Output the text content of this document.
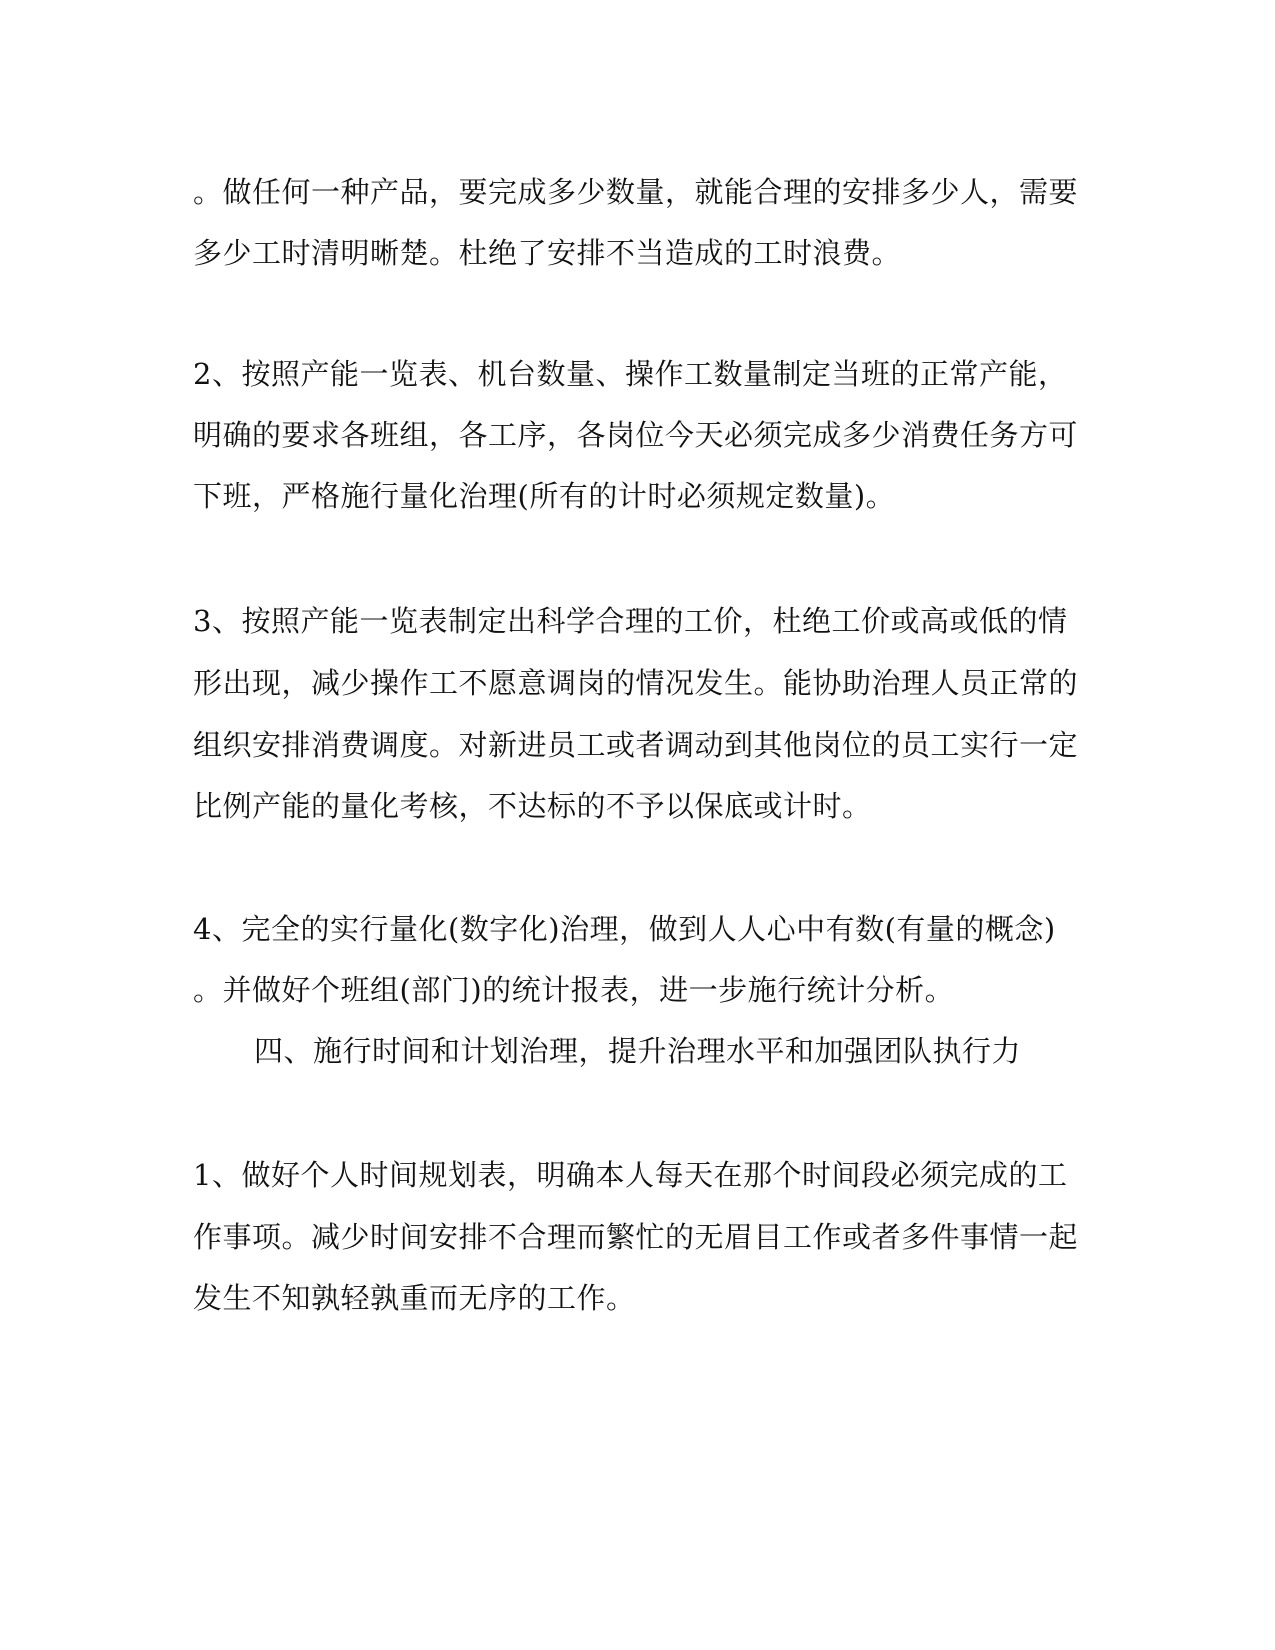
。做任何一种产品，要完成多少数量，就能合理的安排多少人，需要
多少工时清明晰楚。杜绝了安排不当造成的工时浪费。
2、按照产能一览表、机台数量、操作工数量制定当班的正常产能，
明确的要求各班组，各工序，各岗位今天必须完成多少消费任务方可
下班，严格施行量化治理(所有的计时必须规定数量)。
3、按照产能一览表制定出科学合理的工价，杜绝工价或高或低的情
形出现，减少操作工不愿意调岗的情况发生。能协助治理人员正常的
组织安排消费调度。对新进员工或者调动到其他岗位的员工实行一定
比例产能的量化考核，不达标的不予以保底或计时。
4、完全的实行量化(数字化)治理，做到人人心中有数(有量的概念)
。并做好个班组(部门)的统计报表，进一步施行统计分析。
四、施行时间和计划治理，提升治理水平和加强团队执行力
1、做好个人时间规划表，明确本人每天在那个时间段必须完成的工
作事项。减少时间安排不合理而繁忙的无眉目工作或者多件事情一起
发生不知孰轻孰重而无序的工作。
